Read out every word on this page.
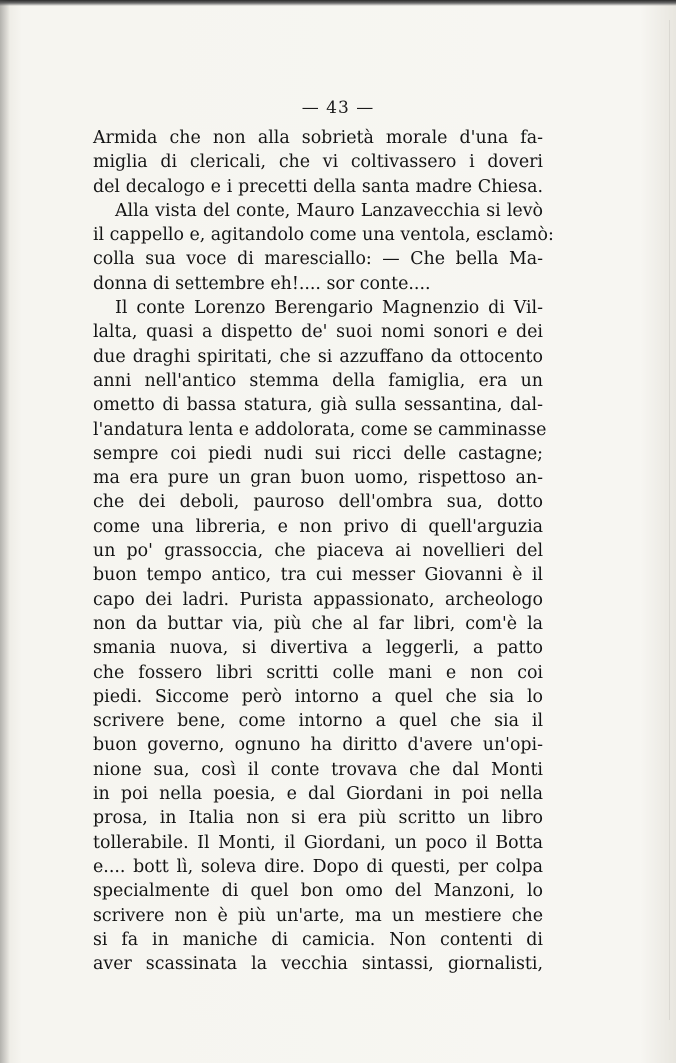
— 43 —
Armida che non alla sobrietà morale d'una fa-
miglia di clericali, che vi coltivassero i doveri
del decalogo e i precetti della santa madre Chiesa.
Alla vista del conte, Mauro Lanzavecchia si levò
il cappello e, agitandolo come una ventola, esclamò:
colla sua voce di maresciallo: — Che bella Ma-
donna di settembre eh!.... sor conte....
Il conte Lorenzo Berengario Magnenzio di Vil-
lalta, quasi a dispetto de' suoi nomi sonori e dei
due draghi spiritati, che si azzuffano da ottocento
anni nell'antico stemma della famiglia, era un
ometto di bassa statura, già sulla sessantina, dal-
l'andatura lenta e addolorata, come se camminasse
sempre coi piedi nudi sui ricci delle castagne;
ma era pure un gran buon uomo, rispettoso an-
che dei deboli, pauroso dell'ombra sua, dotto
come una libreria, e non privo di quell'arguzia
un po' grassoccia, che piaceva ai novellieri del
buon tempo antico, tra cui messer Giovanni è il
capo dei ladri. Purista appassionato, archeologo
non da buttar via, più che al far libri, com'è la
smania nuova, si divertiva a leggerli, a patto
che fossero libri scritti colle mani e non coi
piedi. Siccome però intorno a quel che sia lo
scrivere bene, come intorno a quel che sia il
buon governo, ognuno ha diritto d'avere un'opi-
nione sua, così il conte trovava che dal Monti
in poi nella poesia, e dal Giordani in poi nella
prosa, in Italia non si era più scritto un libro
tollerabile. Il Monti, il Giordani, un poco il Botta
e.... bott lì, soleva dire. Dopo di questi, per colpa
specialmente di quel bon omo del Manzoni, lo
scrivere non è più un'arte, ma un mestiere che
si fa in maniche di camicia. Non contenti di
aver scassinata la vecchia sintassi, giornalisti,
